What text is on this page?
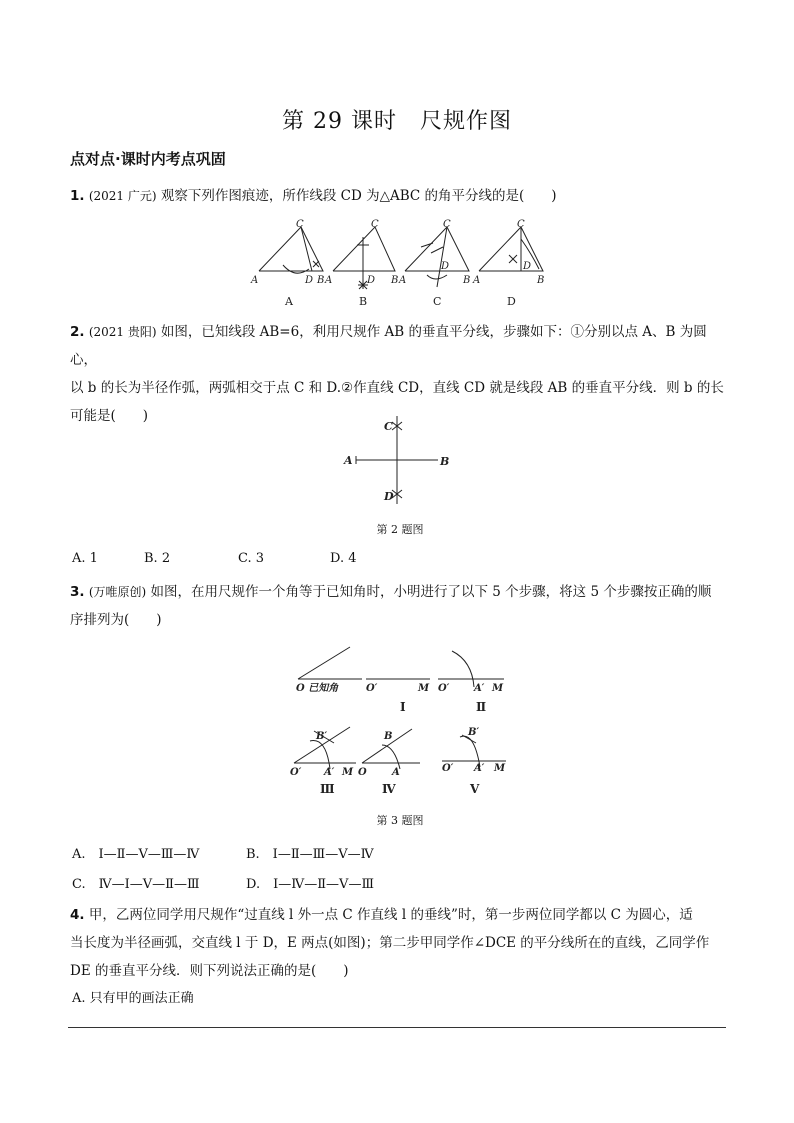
第 29 课时　尺规作图
点对点·课时内考点巩固
1. (2021 广元) 观察下列作图痕迹，所作线段 CD 为△ABC 的角平分线的是(　　)
C
A	D B
C
A	D B
C
A
D
B
C
A
D
B
A	B	C	D
2. (2021 贵阳) 如图，已知线段 AB=6，利用尺规作 AB 的垂直平分线，步骤如下：①分别以点 A、B 为圆心，
以 b 的长为半径作弧，两弧相交于点 C 和 D.②作直线 CD，直线 CD 就是线段 AB 的垂直平分线．则 b 的长
可能是(　　)
C
A	B
D
第 2 题图
A. 1	B. 2	C. 3	D. 4
3. (万唯原创) 如图，在用尺规作一个角等于已知角时，小明进行了以下 5 个步骤，将这 5 个步骤按正确的顺
序排列为(　　)
O 已知角	O′	M O′ A′ M
B′
O′ A′ M
B
O	A
B′
O′ A′ M
Ⅰ	Ⅱ
Ⅲ	Ⅳ	Ⅴ
第 3 题图
A.　Ⅰ—Ⅱ—Ⅴ—Ⅲ—Ⅳ	B.　Ⅰ—Ⅱ—Ⅲ—Ⅴ—Ⅳ
C.　Ⅳ—Ⅰ—Ⅴ—Ⅱ—Ⅲ	D.　Ⅰ—Ⅳ—Ⅱ—Ⅴ—Ⅲ
4. 甲，乙两位同学用尺规作“过直线 l 外一点 C 作直线 l 的垂线”时，第一步两位同学都以 C 为圆心，适
当长度为半径画弧，交直线 l 于 D，E 两点(如图)；第二步甲同学作∠DCE 的平分线所在的直线，乙同学作
DE 的垂直平分线．则下列说法正确的是(　　)
A. 只有甲的画法正确
